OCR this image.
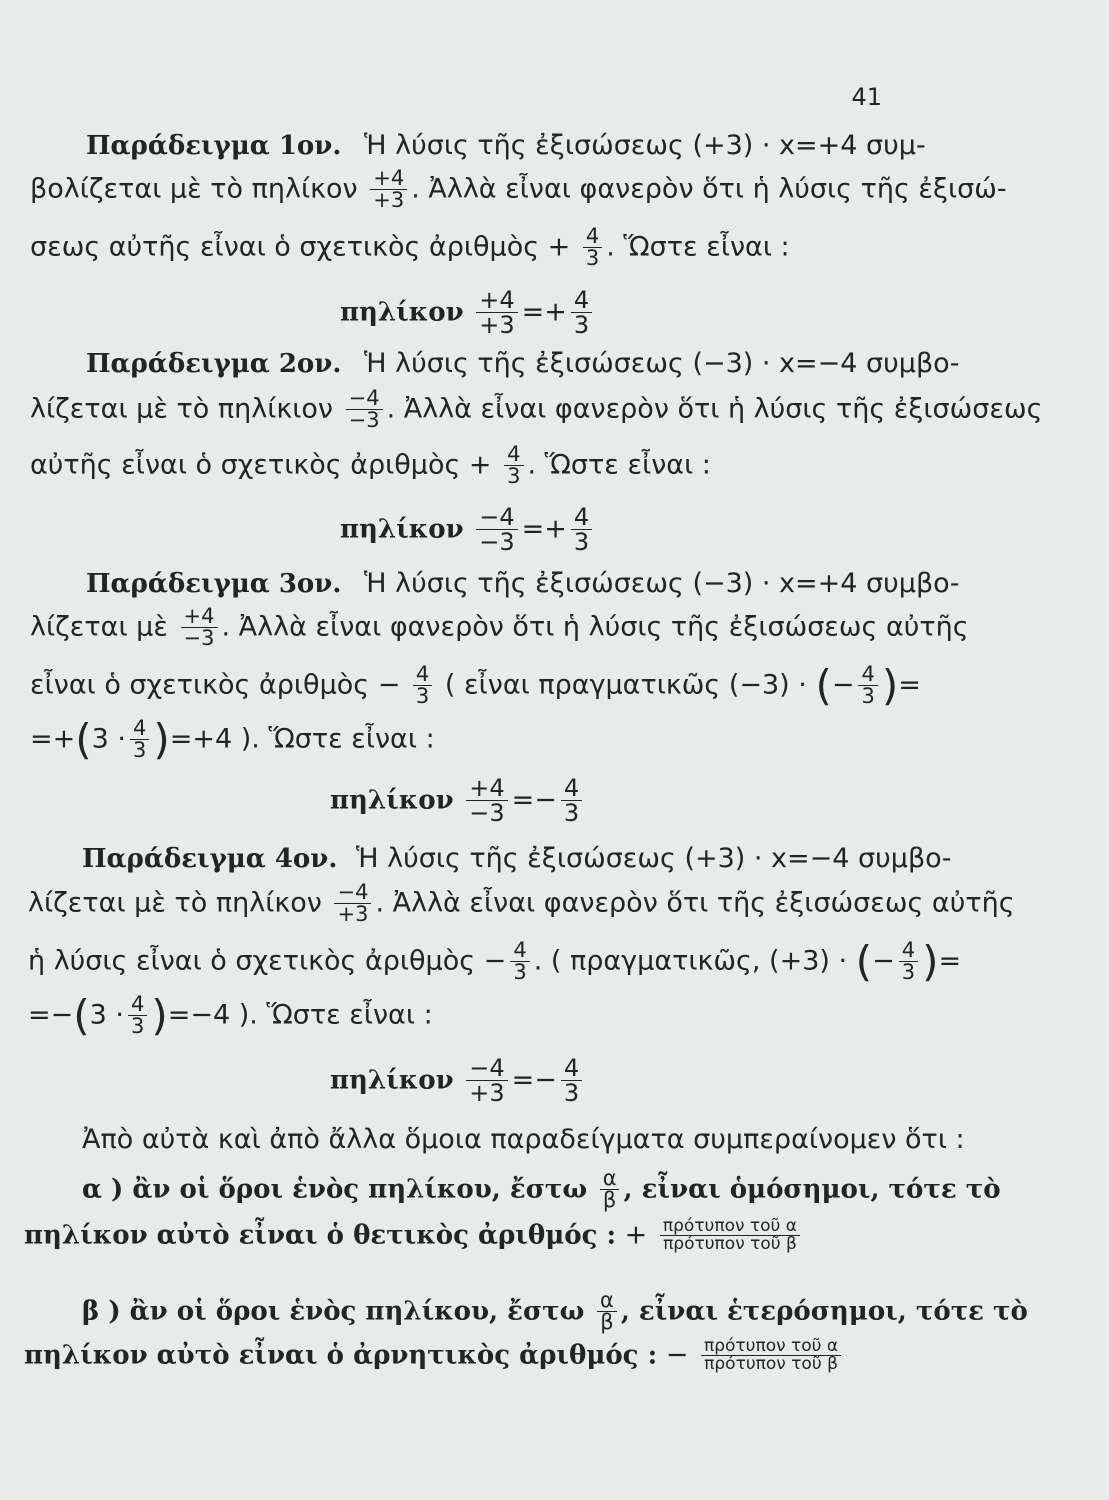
41
Παράδειγμα 1ον. Ἡ λύσις τῆς ἐξισώσεως (+3) · x=+4 συμ-
βολίζεται μὲ τὸ πηλίκον $\frac{+4}{+3}$ . Ἀλλὰ εἶναι φανερὸν ὅτι ἡ λύσις τῆς ἐξισώ-
σεως αὐτῆς εἶναι ὁ σχετικὸς ἀριθμὸς + $\frac{4}{3}$ . Ὥστε εἶναι :
πηλίκον $\frac{+4}{+3} =+ \frac{4}{3}$
Παράδειγμα 2ον. Ἡ λύσις τῆς ἐξισώσεως (−3) · x=−4 συμβο-
λίζεται μὲ τὸ πηλίκιον $\frac{-4}{-3}$ . Ἀλλὰ εἶναι φανερὸν ὅτι ἡ λύσις τῆς ἐξισώσεως
αὐτῆς εἶναι ὁ σχετικὸς ἀριθμὸς + $\frac{4}{3}$ . Ὥστε εἶναι :
πηλίκον $\frac{-4}{-3} =+ \frac{4}{3}$
Παράδειγμα 3ον. Ἡ λύσις τῆς ἐξισώσεως (−3) · x=+4 συμβο-
λίζεται μὲ $\frac{+4}{-3}$ . Ἀλλὰ εἶναι φανερὸν ὅτι ἡ λύσις τῆς ἐξισώσεως αὐτῆς
εἶναι ὁ σχετικὸς ἀριθμὸς − $\frac{4}{3}$ ( εἶναι πραγματικῶς (−3) · (− $\frac{4}{3}$ )=
$=+(3 \cdot \frac{4}{3} )=+4$ ). Ὥστε εἶναι :
πηλίκον $\frac{+4}{-3} =- \frac{4}{3}$
Παράδειγμα 4ον. Ἡ λύσις τῆς ἐξισώσεως (+3) · x=−4 συμβο-
λίζεται μὲ τὸ πηλίκον $\frac{-4}{+3}$ . Ἀλλὰ εἶναι φανερὸν ὅτι τῆς ἐξισώσεως αὐτῆς
ἡ λύσις εἶναι ὁ σχετικὸς ἀριθμὸς − $\frac{4}{3}$ . ( πραγματικῶς, (+3) · (− $\frac{4}{3}$ )=
$=-(3 \cdot \frac{4}{3} )=-4$ ). Ὥστε εἶναι :
πηλίκον $\frac{-4}{+3} =- \frac{4}{3}$
Ἀπὸ αὐτὰ καὶ ἀπὸ ἄλλα ὅμοια παραδείγματα συμπεραίνομεν ὅτι :
α ) ἂν οἱ ὅροι ἑνὸς πηλίκου, ἔστω $\frac{\alpha}{\beta}$ , εἶναι ὁμόσημοι, τότε τὸ
πηλίκον αὐτὸ εἶναι ὁ θετικὸς ἀριθμός : + $\frac{\text{πρότυπον τοῦ α}}{\text{πρότυπον τοῦ β}}$
β ) ἂν οἱ ὅροι ἑνὸς πηλίκου, ἔστω $\frac{\alpha}{\beta}$ , εἶναι ἑτερόσημοι, τότε τὸ
πηλίκον αὐτὸ εἶναι ὁ ἀρνητικὸς ἀριθμός : − $\frac{\text{πρότυπον τοῦ α}}{\text{πρότυπον τοῦ β}}$
